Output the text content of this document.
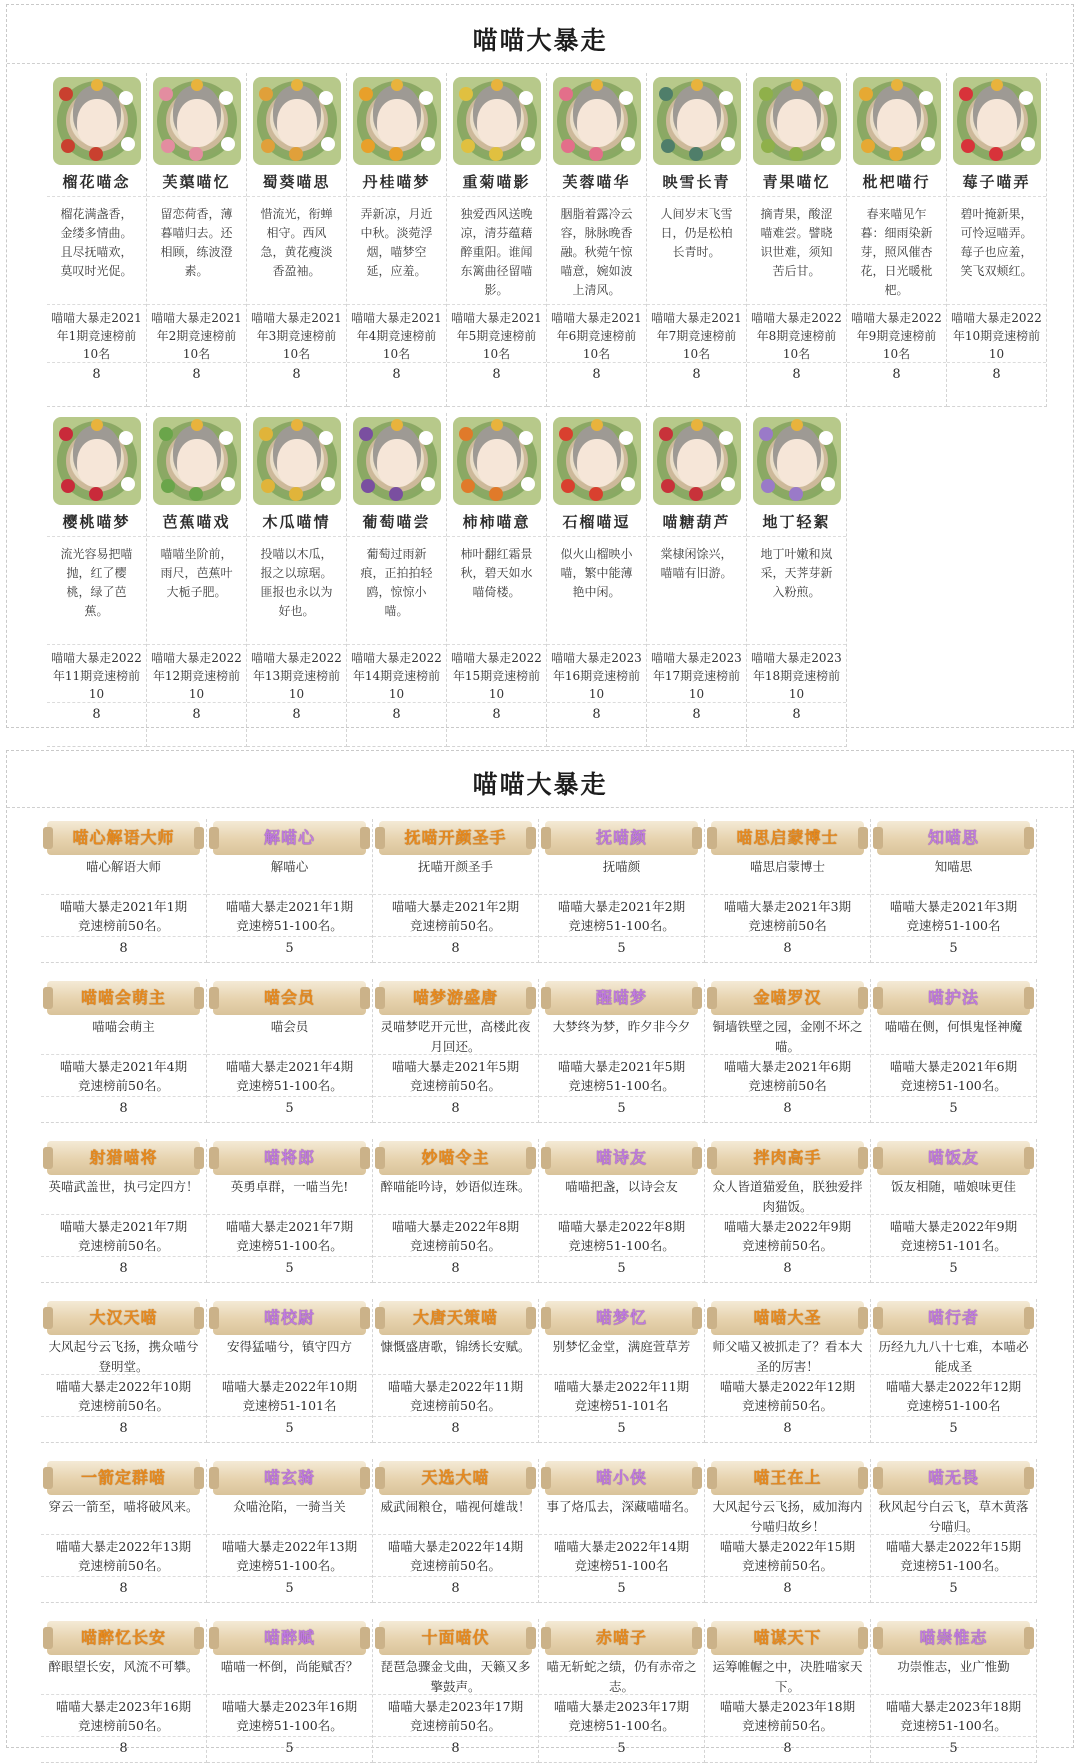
喵喵大暴走
榴花喵念
榴花满盏香，金缕多情曲。且尽抚喵欢，莫叹时光促。
喵喵大暴走2021年1期竞速榜前10名
8
芙蕖喵忆
留恋荷香，薄暮喵归去。还相顾，练波澄素。
喵喵大暴走2021年2期竞速榜前10名
8
蜀葵喵思
惜流光，衔蝉相守。西风急，黄花瘦淡香盈袖。
喵喵大暴走2021年3期竞速榜前10名
8
丹桂喵梦
弄新凉，月近中秋。淡菀浮烟，喵梦空延，应羞。
喵喵大暴走2021年4期竞速榜前10名
8
重菊喵影
独爱西风送晚凉，清芬蕴藉醉重阳。谁闻东篱曲径留喵影。
喵喵大暴走2021年5期竞速榜前10名
8
芙蓉喵华
胭脂着露冷云容，脉脉晚香融。秋菀午惊喵意，婉如波上清风。
喵喵大暴走2021年6期竞速榜前10名
8
映雪长青
人间岁末飞雪日，仍是松柏长青时。
喵喵大暴走2021年7期竞速榜前10名
8
青果喵忆
摘青果，酸涩喵难尝。譬晓识世难，须知苦后甘。
喵喵大暴走2022年8期竞速榜前10名
8
枇杷喵行
春来喵见乍暮：细雨染新芽，照风催杏花，日光暖枇杷。
喵喵大暴走2022年9期竞速榜前10名
8
莓子喵弄
碧叶掩新果，可怜逗喵弄。莓子也应羞，笑飞双颊红。
喵喵大暴走2022年10期竞速榜前10
8
樱桃喵梦
流光容易把喵抛，红了樱桃，绿了芭蕉。
喵喵大暴走2022年11期竞速榜前10
8
芭蕉喵戏
喵喵坐阶前，雨尺，芭蕉叶大栀子肥。
喵喵大暴走2022年12期竞速榜前10
8
木瓜喵情
投喵以木瓜，报之以琼琚。匪报也永以为好也。
喵喵大暴走2022年13期竞速榜前10
8
葡萄喵尝
葡萄过雨新痕，正拍拍轻鸥，惊惊小喵。
喵喵大暴走2022年14期竞速榜前10
8
柿柿喵意
柿叶翻红霜景秋，碧天如水喵倚楼。
喵喵大暴走2022年15期竞速榜前10
8
石榴喵逗
似火山榴映小喵，繁中能薄艳中闲。
喵喵大暴走2023年16期竞速榜前10
8
喵糖葫芦
棠棣闲馀兴，喵喵有旧游。
喵喵大暴走2023年17期竞速榜前10
8
地丁轻絮
地丁叶嫩和岚采，天荠芽新入粉煎。
喵喵大暴走2023年18期竞速榜前10
8
喵喵大暴走
喵心解语大师
喵心解语大师
喵喵大暴走2021年1期
竞速榜前50名。
8
解喵心
解喵心
喵喵大暴走2021年1期
竞速榜51-100名。
5
抚喵开颜圣手
抚喵开颜圣手
喵喵大暴走2021年2期
竞速榜前50名。
8
抚喵颜
抚喵颜
喵喵大暴走2021年2期
竞速榜51-100名。
5
喵思启蒙博士
喵思启蒙博士
喵喵大暴走2021年3期
竞速榜前50名
8
知喵思
知喵思
喵喵大暴走2021年3期
竞速榜51-100名
5
喵喵会萌主
喵喵会萌主
喵喵大暴走2021年4期
竞速榜前50名。
8
喵会员
喵会员
喵喵大暴走2021年4期
竞速榜51-100名。
5
喵梦游盛唐
灵喵梦呓开元世，高楼此夜月回还。
喵喵大暴走2021年5期
竞速榜前50名。
8
醒喵梦
大梦终为梦，昨夕非今夕
喵喵大暴走2021年5期
竞速榜51-100名。
5
金喵罗汉
铜墙铁壁之园，金刚不坏之喵。
喵喵大暴走2021年6期
竞速榜前50名
8
喵护法
喵喵在侧，何惧鬼怪神魔
喵喵大暴走2021年6期
竞速榜51-100名。
5
射猎喵将
英喵武盖世，执弓定四方！
喵喵大暴走2021年7期
竞速榜前50名。
8
喵将郎
英勇卓群，一喵当先!
喵喵大暴走2021年7期
竞速榜51-100名。
5
妙喵令主
醉喵能吟诗，妙语似连珠。
喵喵大暴走2022年8期
竞速榜前50名。
8
喵诗友
喵喵把盏，以诗会友
喵喵大暴走2022年8期
竞速榜51-100名。
5
拌肉高手
众人皆道猫爱鱼，朕独爱拌肉猫饭。
喵喵大暴走2022年9期
竞速榜前50名。
8
喵饭友
饭友相随，喵娘味更佳
喵喵大暴走2022年9期
竞速榜51-101名。
5
大汉天喵
大风起兮云飞扬，携众喵兮登明堂。
喵喵大暴走2022年10期
竞速榜前50名。
8
喵校尉
安得猛喵兮，镇守四方
喵喵大暴走2022年10期
竞速榜51-101名
5
大唐天策喵
慷慨盛唐歌，锦绣长安赋。
喵喵大暴走2022年11期
竞速榜前50名。
8
喵梦忆
别梦忆金堂，满庭萱草芳
喵喵大暴走2022年11期
竞速榜51-101名
5
喵喵大圣
师父喵又被抓走了？看本大圣的厉害！
喵喵大暴走2022年12期
竞速榜前50名。
8
喵行者
历经九九八十七难，本喵必能成圣
喵喵大暴走2022年12期
竞速榜51-100名
5
一箭定群喵
穿云一箭至，喵将破风来。
喵喵大暴走2022年13期
竞速榜前50名。
8
喵玄骑
众喵沧陷，一骑当关
喵喵大暴走2022年13期
竞速榜51-100名。
5
天选大喵
威武闹粮仓，喵视何雄哉！
喵喵大暴走2022年14期
竞速榜前50名。
8
喵小侠
事了烙瓜去，深藏喵喵名。
喵喵大暴走2022年14期
竞速榜51-100名
5
喵王在上
大风起兮云飞扬，威加海内兮喵归故乡！
喵喵大暴走2022年15期
竞速榜前50名。
8
喵无畏
秋风起兮白云飞，草木黄落兮喵归。
喵喵大暴走2022年15期
竞速榜51-100名。
5
喵醉忆长安
醉眼望长安，风流不可攀。
喵喵大暴走2023年16期
竞速榜前50名。
8
喵醉赋
喵喵一杯倒，尚能赋否？
喵喵大暴走2023年16期
竞速榜51-100名。
5
十面喵伏
琵琶急骤金戈曲，天籁又多擎鼓声。
喵喵大暴走2023年17期
竞速榜前50名。
8
赤喵子
喵无斩蛇之绩，仍有赤帝之志。
喵喵大暴走2023年17期
竞速榜51-100名。
5
喵谋天下
运筹帷幄之中，决胜喵家天下。
喵喵大暴走2023年18期
竞速榜前50名。
8
喵崇惟志
功崇惟志，业广惟勤
喵喵大暴走2023年18期
竞速榜51-100名。
5
